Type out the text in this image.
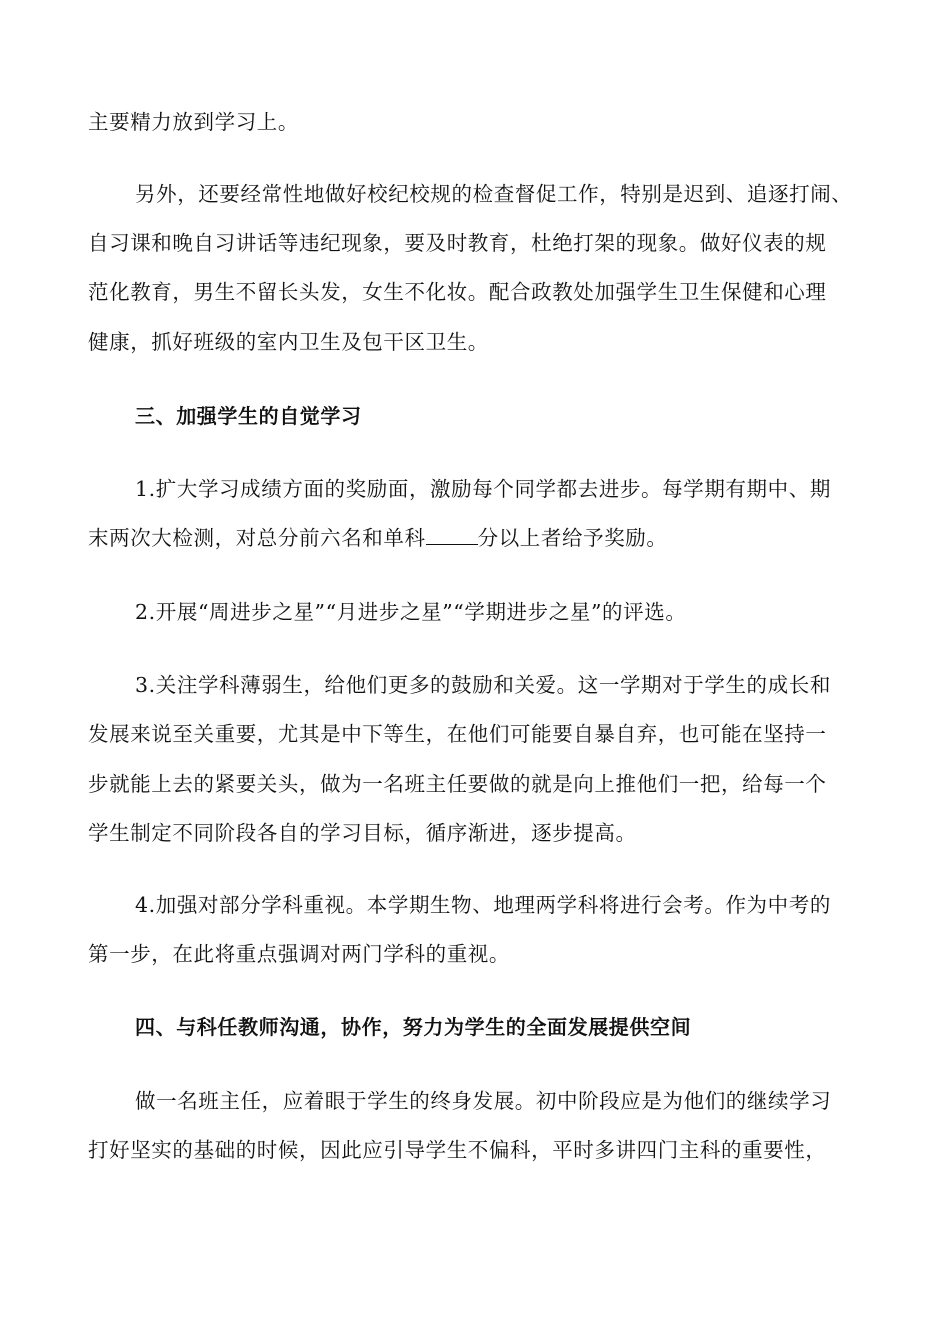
主要精力放到学习上。
另外，还要经常性地做好校纪校规的检查督促工作，特别是迟到、追逐打闹、
自习课和晚自习讲话等违纪现象，要及时教育，杜绝打架的现象。做好仪表的规
范化教育，男生不留长头发，女生不化妆。配合政教处加强学生卫生保健和心理
健康，抓好班级的室内卫生及包干区卫生。
三、加强学生的自觉学习
1.扩大学习成绩方面的奖励面，激励每个同学都去进步。每学期有期中、期
末两次大检测，对总分前六名和单科	分以上者给予奖励。
2.开展“周进步之星”“月进步之星”“学期进步之星”的评选。
3.关注学科薄弱生，给他们更多的鼓励和关爱。这一学期对于学生的成长和
发展来说至关重要，尤其是中下等生，在他们可能要自暴自弃，也可能在坚持一
步就能上去的紧要关头，做为一名班主任要做的就是向上推他们一把，给每一个
学生制定不同阶段各自的学习目标，循序渐进，逐步提高。
4.加强对部分学科重视。本学期生物、地理两学科将进行会考。作为中考的
第一步，在此将重点强调对两门学科的重视。
四、与科任教师沟通，协作，努力为学生的全面发展提供空间
做一名班主任，应着眼于学生的终身发展。初中阶段应是为他们的继续学习
打好坚实的基础的时候，因此应引导学生不偏科，平时多讲四门主科的重要性，
